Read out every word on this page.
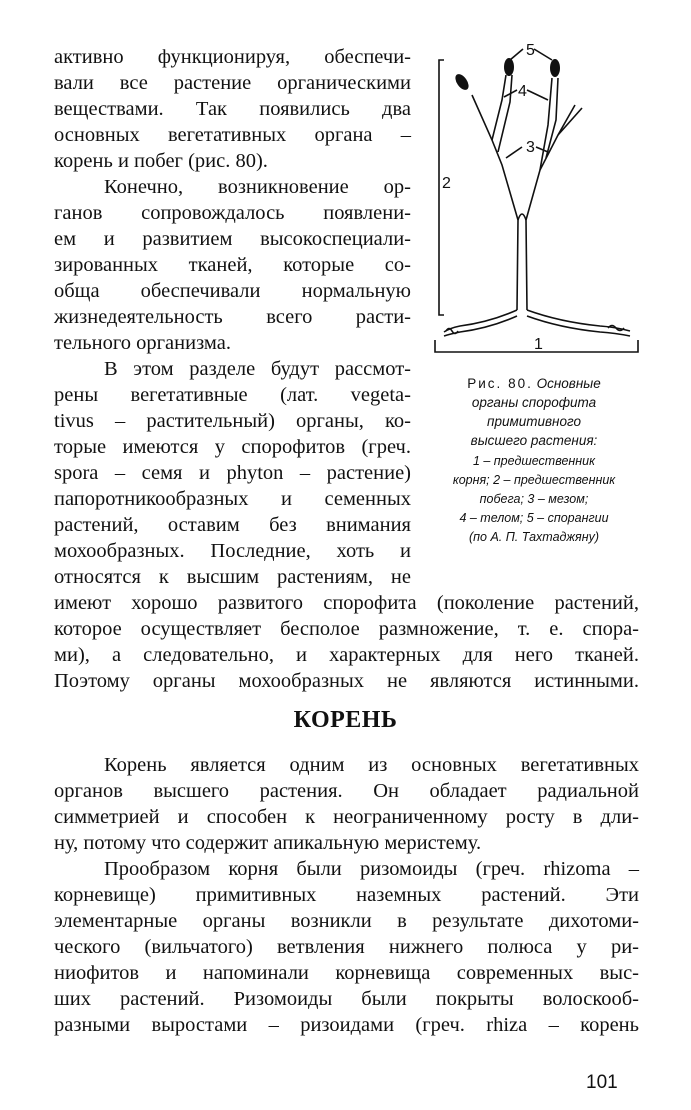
активно функционируя, обеспечи-
вали все растение органическими
веществами. Так появились два
основных вегетативных органа –
корень и побег (рис. 80).
Конечно, возникновение ор-
ганов сопровождалось появлени-
ем и развитием высокоспециали-
зированных тканей, которые со-
обща обеспечивали нормальную
жизнедеятельность всего расти-
тельного организма.
В этом разделе будут рассмот-
рены вегетативные (лат. vegeta-
tivus – растительный) органы, ко-
торые имеются у спорофитов (греч.
spora – семя и phyton – растение)
папоротникообразных и семенных
растений, оставим без внимания
мохообразных. Последние, хоть и
относятся к высшим растениям, не
имеют хорошо развитого спорофита (поколение растений,
которое осуществляет бесполое размножение, т. е. спора-
ми), а следовательно, и характерных для него тканей.
Поэтому органы мохообразных не являются истинными.
5
4
3
2
1
Рис. 80. Основные
органы спорофита
примитивного
высшего растения:
1 – предшественник
корня; 2 – предшественник
побега; 3 – мезом;
4 – телом; 5 – спорангии
(по А. П. Тахтаджяну)
КОРЕНЬ
Корень является одним из основных вегетативных
органов высшего растения. Он обладает радиальной
симметрией и способен к неограниченному росту в дли-
ну, потому что содержит апикальную меристему.
Прообразом корня были ризомоиды (греч. rhizoma –
корневище) примитивных наземных растений. Эти
элементарные органы возникли в результате дихотоми-
ческого (вильчатого) ветвления нижнего полюса у ри-
ниофитов и напоминали корневища современных выс-
ших растений. Ризомоиды были покрыты волоскооб-
разными выростами – ризоидами (греч. rhiza – корень
101
